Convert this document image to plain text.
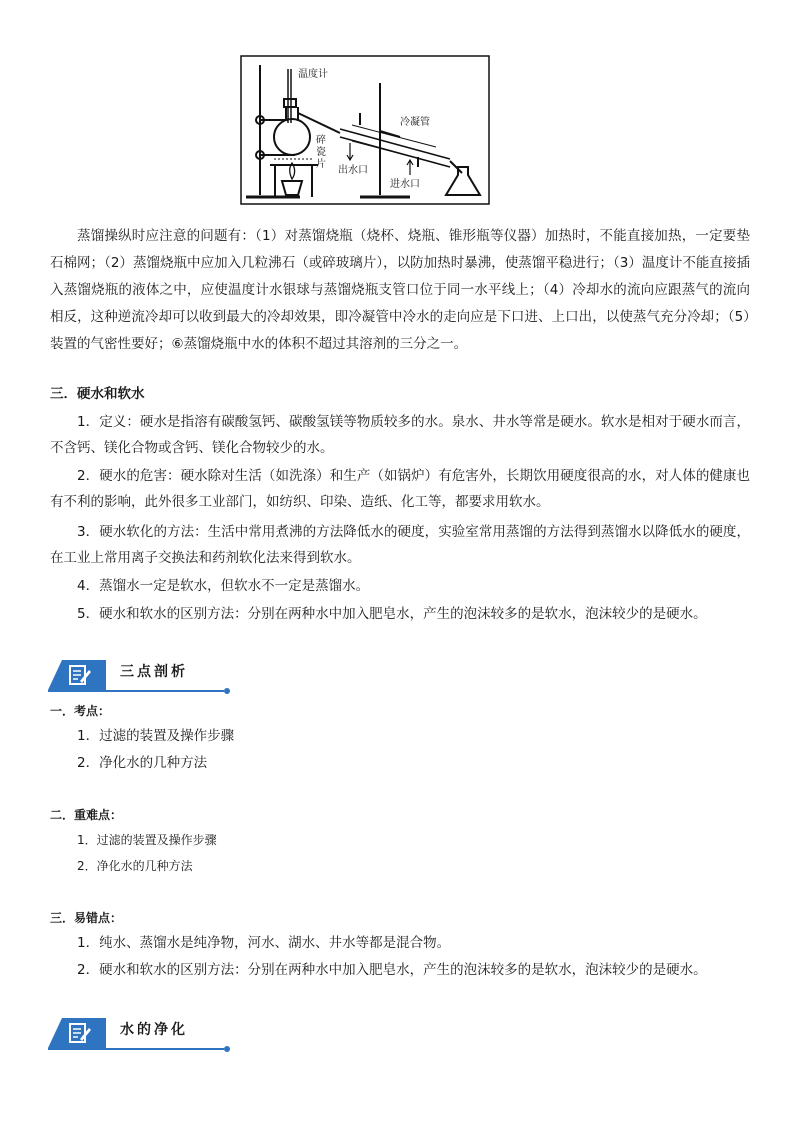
温度计
冷凝管
碎
瓷
片
出水口
进水口

蒸馏操纵时应注意的问题有：（1）对蒸馏烧瓶（烧杯、烧瓶、锥形瓶等仪器）加热时，不能直接加热，一定要垫石棉网；（2）蒸馏烧瓶中应加入几粒沸石（或碎玻璃片），以防加热时暴沸，使蒸馏平稳进行；（3）温度计不能直接插入蒸馏烧瓶的液体之中，应使温度计水银球与蒸馏烧瓶支管口位于同一水平线上；（4）冷却水的流向应跟蒸气的流向相反，这种逆流冷却可以收到最大的冷却效果，即冷凝管中冷水的走向应是下口进、上口出，以使蒸气充分冷却；（5）装置的气密性要好；⑥蒸馏烧瓶中水的体积不超过其溶剂的三分之一。

三．硬水和软水

1．定义：硬水是指溶有碳酸氢钙、碳酸氢镁等物质较多的水。泉水、井水等常是硬水。软水是相对于硬水而言，不含钙、镁化合物或含钙、镁化合物较少的水。

2．硬水的危害：硬水除对生活（如洗涤）和生产（如锅炉）有危害外，长期饮用硬度很高的水，对人体的健康也有不利的影响，此外很多工业部门，如纺织、印染、造纸、化工等，都要求用软水。

3．硬水软化的方法：生活中常用煮沸的方法降低水的硬度，实验室常用蒸馏的方法得到蒸馏水以降低水的硬度，在工业上常用离子交换法和药剂软化法来得到软水。

4．蒸馏水一定是软水，但软水不一定是蒸馏水。

5．硬水和软水的区别方法：分别在两种水中加入肥皂水，产生的泡沫较多的是软水，泡沫较少的是硬水。

三点剖析
一．考点：
1．过滤的装置及操作步骤
2．净化水的几种方法
二．重难点：
1．过滤的装置及操作步骤
2．净化水的几种方法
三．易错点：
1．纯水、蒸馏水是纯净物，河水、湖水、井水等都是混合物。
2．硬水和软水的区别方法：分别在两种水中加入肥皂水，产生的泡沫较多的是软水，泡沫较少的是硬水。
水的净化
